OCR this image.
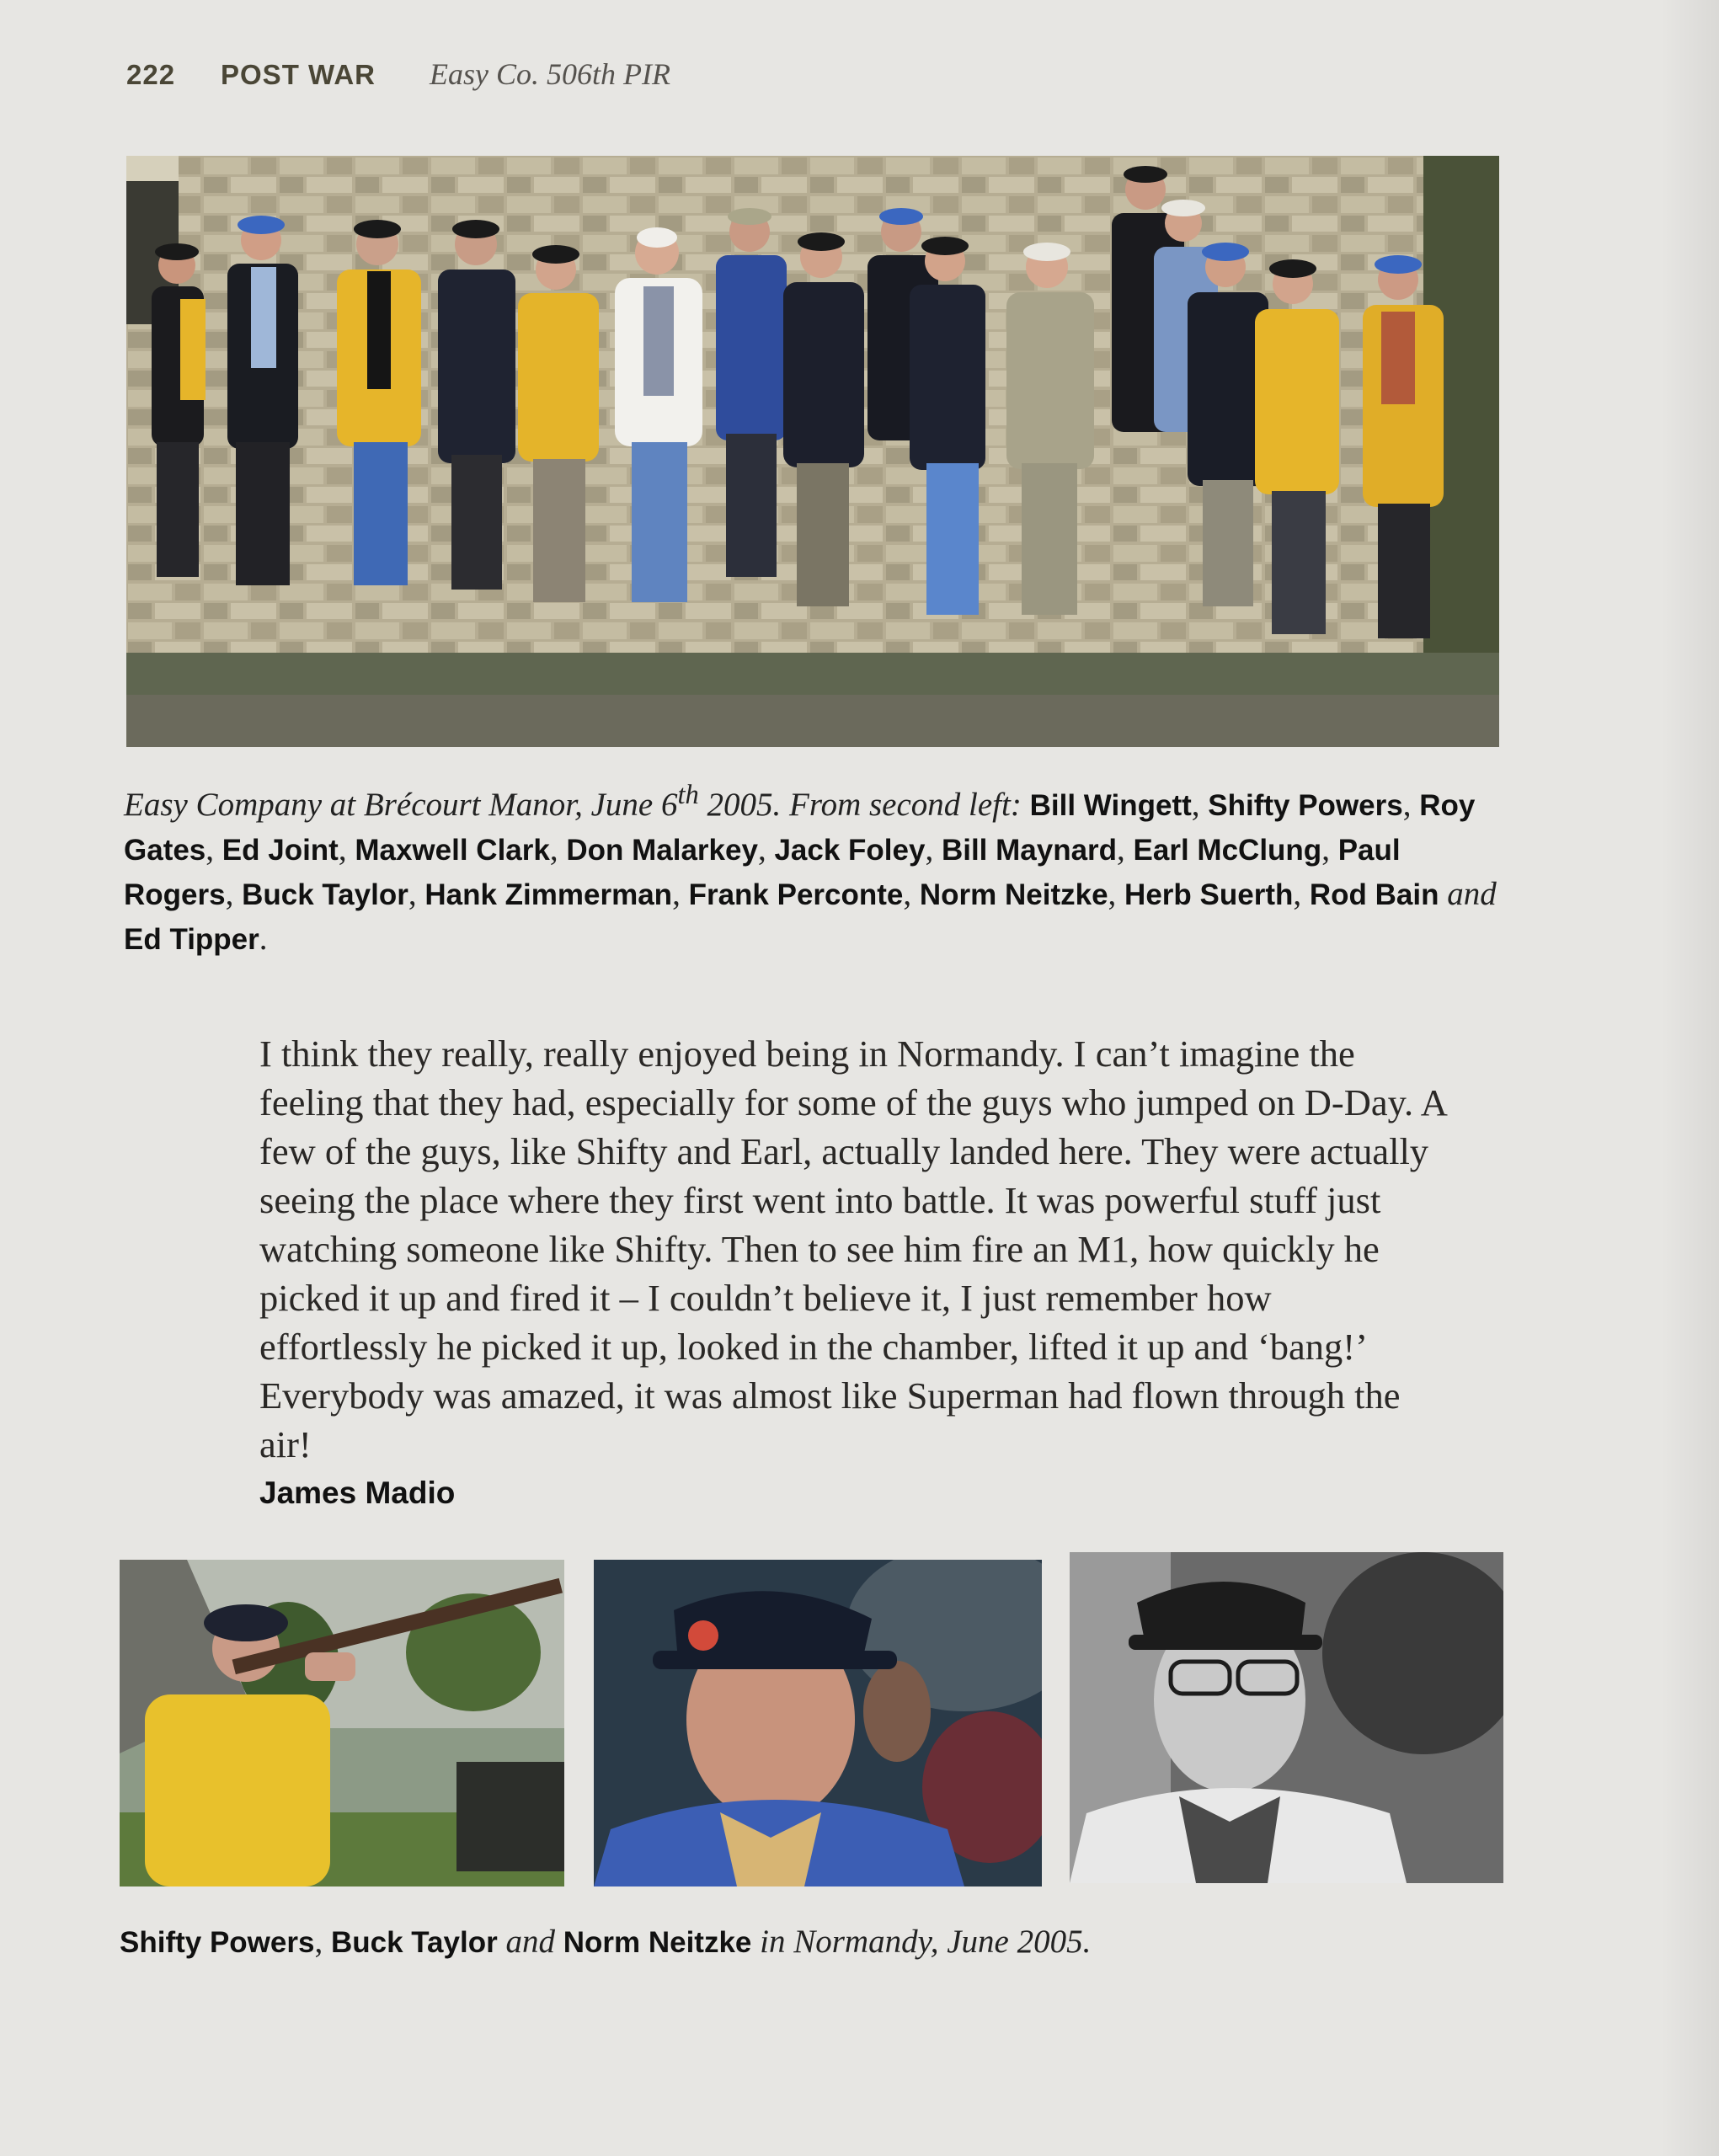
222 POST WAR Easy Co. 506th PIR
Easy Company at Brécourt Manor, June 6th 2005. From second left: Bill Wingett, Shifty Powers, Roy Gates, Ed Joint, Maxwell Clark, Don Malarkey, Jack Foley, Bill Maynard, Earl McClung, Paul Rogers, Buck Taylor, Hank Zimmerman, Frank Perconte, Norm Neitzke, Herb Suerth, Rod Bain and Ed Tipper.

I think they really, really enjoyed being in Normandy. I can’t imagine the feeling that they had, especially for some of the guys who jumped on D-Day. A few of the guys, like Shifty and Earl, actually landed here. They were actually seeing the place where they first went into battle. It was powerful stuff just watching someone like Shifty. Then to see him fire an M1, how quickly he picked it up and fired it – I couldn’t believe it, I just remember how effortlessly he picked it up, looked in the chamber, lifted it up and ‘bang!’ Everybody was amazed, it was almost like Superman had flown through the air!
James Madio
Shifty Powers, Buck Taylor and Norm Neitzke in Normandy, June 2005.
